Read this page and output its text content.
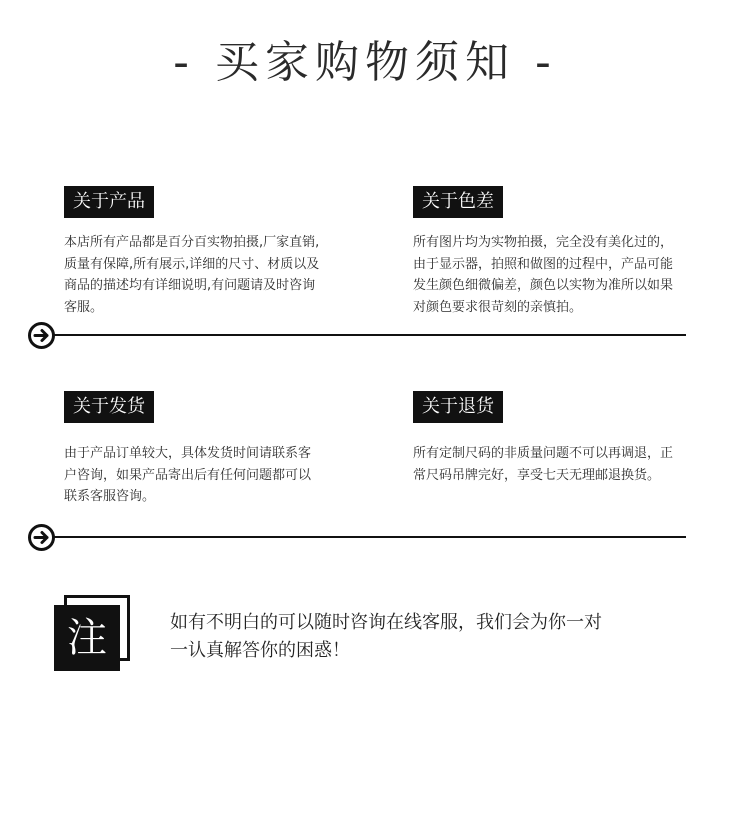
- 买家购物须知 -
关于产品
本店所有产品都是百分百实物拍摄,厂家直销,质量有保障,所有展示,详细的尺寸、材质以及商品的描述均有详细说明,有问题请及时咨询客服。
关于色差
所有图片均为实物拍摄，完全没有美化过的，由于显示器，拍照和做图的过程中，产品可能发生颜色细微偏差，颜色以实物为准所以如果对颜色要求很苛刻的亲慎拍。
关于发货
由于产品订单较大，具体发货时间请联系客户咨询，如果产品寄出后有任何问题都可以联系客服咨询。
关于退货
所有定制尺码的非质量问题不可以再调退，正常尺码吊牌完好，享受七天无理邮退换货。
注	如有不明白的可以随时咨询在线客服，我们会为你一对一认真解答你的困惑！
